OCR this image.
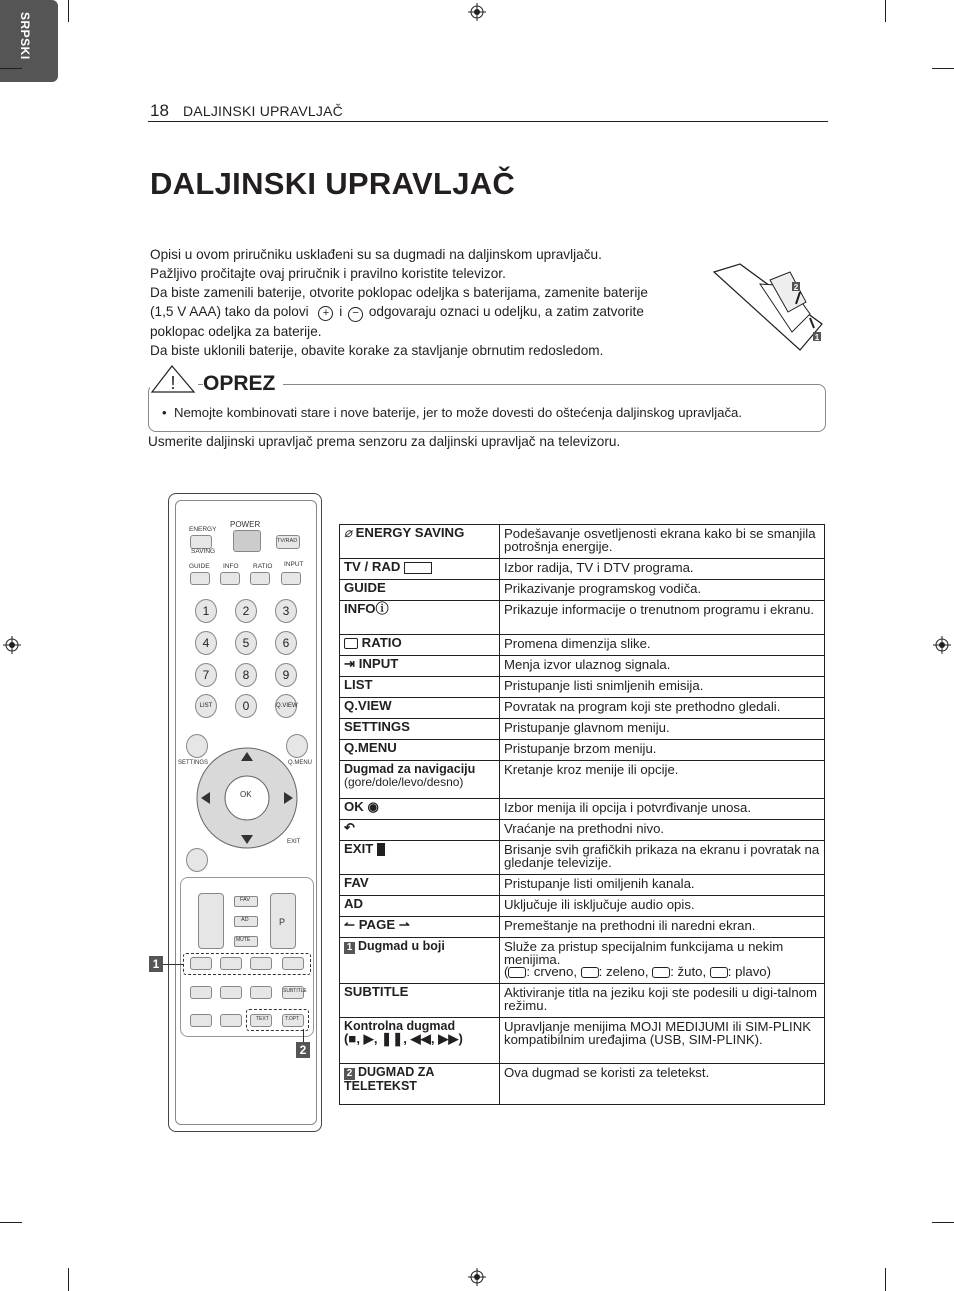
18 DALJINSKI UPRAVLJAČ
SRPSKI
DALJINSKI UPRAVLJAČ

Opisi u ovom priručniku usklađeni su sa dugmadi na daljinskom upravljaču.

Pažljivo pročitajte ovaj priručnik i pravilno koristite televizor.

Da biste zamenili baterije, otvorite poklopac odeljka s baterijama, zamenite baterije

(1,5 V AAA) tako da polovi + i − odgovaraju oznaci u odeljku, a zatim zatvorite

poklopac odeljka za baterije.

Da biste uklonili baterije, obavite korake za stavljanje obrnutim redosledom.

2
1
! OPREZ
•  Nemojte kombinovati stare i nove baterije, jer to može dovesti do oštećenja daljinskog upravljača.
Usmerite daljinski upravljač prema senzoru za daljinski upravljač na televizoru.
ENERGY
SAVING
POWER
TV/RAD
GUIDE INFO RATIO INPUT
1	2	3
4	5	6
7	8	9
LIST	0	Q.VIEW
SETTINGS	Q.MENU
OK
EXIT
P
FAV
AD
MUTE
SUBTITLE
TEXT	T.OPT
1
2
⌀ ENERGY SAVING	Podešavanje osvetljenosti ekrana kako bi se smanjila potrošnja energije.
TV / RAD	Izbor radija, TV i DTV programa.
GUIDE	Prikazivanje programskog vodiča.
INFOⓘ	Prikazuje informacije o trenutnom programu i ekranu.
RATIO	Promena dimenzija slike.
⇥ INPUT	Menja izvor ulaznog signala.
LIST	Pristupanje listi snimljenih emisija.
Q.VIEW	Povratak na program koji ste prethodno gledali.
SETTINGS	Pristupanje glavnom meniju.
Q.MENU	Pristupanje brzom meniju.
Dugmad za navigaciju
(gore/dole/levo/desno)	Kretanje kroz menije ili opcije.
OK ◉	Izbor menija ili opcija i potvrđivanje unosa.
↶	Vraćanje na prethodni nivo.
EXIT	Brisanje svih grafičkih prikaza na ekranu i povratak na gledanje televizije.
FAV	Pristupanje listi omiljenih kanala.
AD	Uključuje ili isključuje audio opis.
↼ PAGE ⇀	Premeštanje na prethodni ili naredni ekran.
1 Dugmad u boji	Služe za pristup specijalnim funkcijama u nekim menijima.
( : crveno, : zeleno, : žuto, : plavo)
SUBTITLE	Aktiviranje titla na jeziku koji ste podesili u digi-talnom režimu.
Kontrolna dugmad
(■, ▶, ❚❚, ◀◀, ▶▶)	Upravljanje menijima MOJI MEDIJUMI ili SIM-PLINK kompatibilnim uređajima (USB, SIM-PLINK).
2 DUGMAD ZA TELETEKST	Ova dugmad se koristi za teletekst.
